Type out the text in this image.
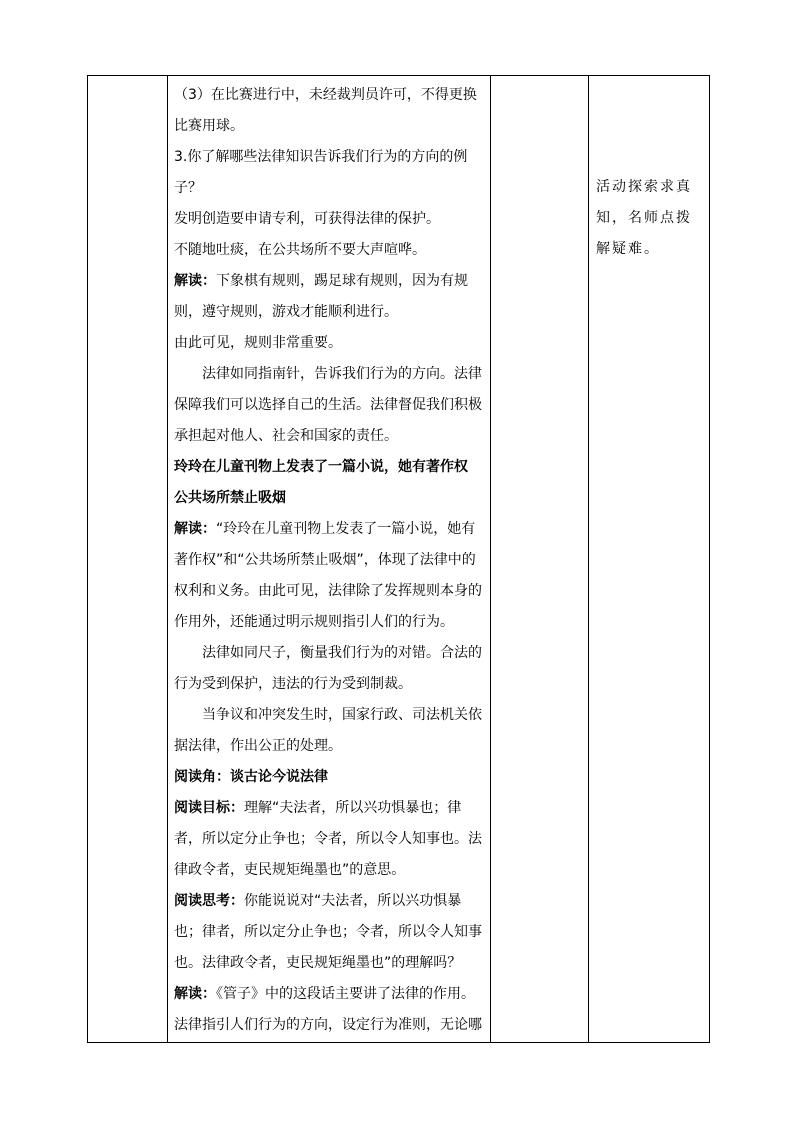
（3）在比赛进行中，未经裁判员许可，不得更换比赛用球。

3.你了解哪些法律知识告诉我们行为的方向的例子？

发明创造要申请专利，可获得法律的保护。

不随地吐痰，在公共场所不要大声喧哗。

解读：下象棋有规则，踢足球有规则，因为有规则，遵守规则，游戏才能顺利进行。

由此可见，规则非常重要。

法律如同指南针，告诉我们行为的方向。法律保障我们可以选择自己的生活。法律督促我们积极承担起对他人、社会和国家的责任。

玲玲在儿童刊物上发表了一篇小说，她有著作权

公共场所禁止吸烟

解读：“玲玲在儿童刊物上发表了一篇小说，她有著作权”和“公共场所禁止吸烟”，体现了法律中的权利和义务。由此可见，法律除了发挥规则本身的作用外，还能通过明示规则指引人们的行为。

法律如同尺子，衡量我们行为的对错。合法的行为受到保护，违法的行为受到制裁。

当争议和冲突发生时，国家行政、司法机关依据法律，作出公正的处理。

阅读角：谈古论今说法律

阅读目标：理解“夫法者，所以兴功惧暴也；律者，所以定分止争也；令者，所以令人知事也。法律政令者，吏民规矩绳墨也”的意思。

阅读思考：你能说说对“夫法者，所以兴功惧暴也；律者，所以定分止争也；令者，所以令人知事也。法律政令者，吏民规矩绳墨也”的理解吗？

解读：《管子》中的这段话主要讲了法律的作用。法律指引人们行为的方向，设定行为准则，无论哪

活动探索求真知，名师点拨解疑难。
